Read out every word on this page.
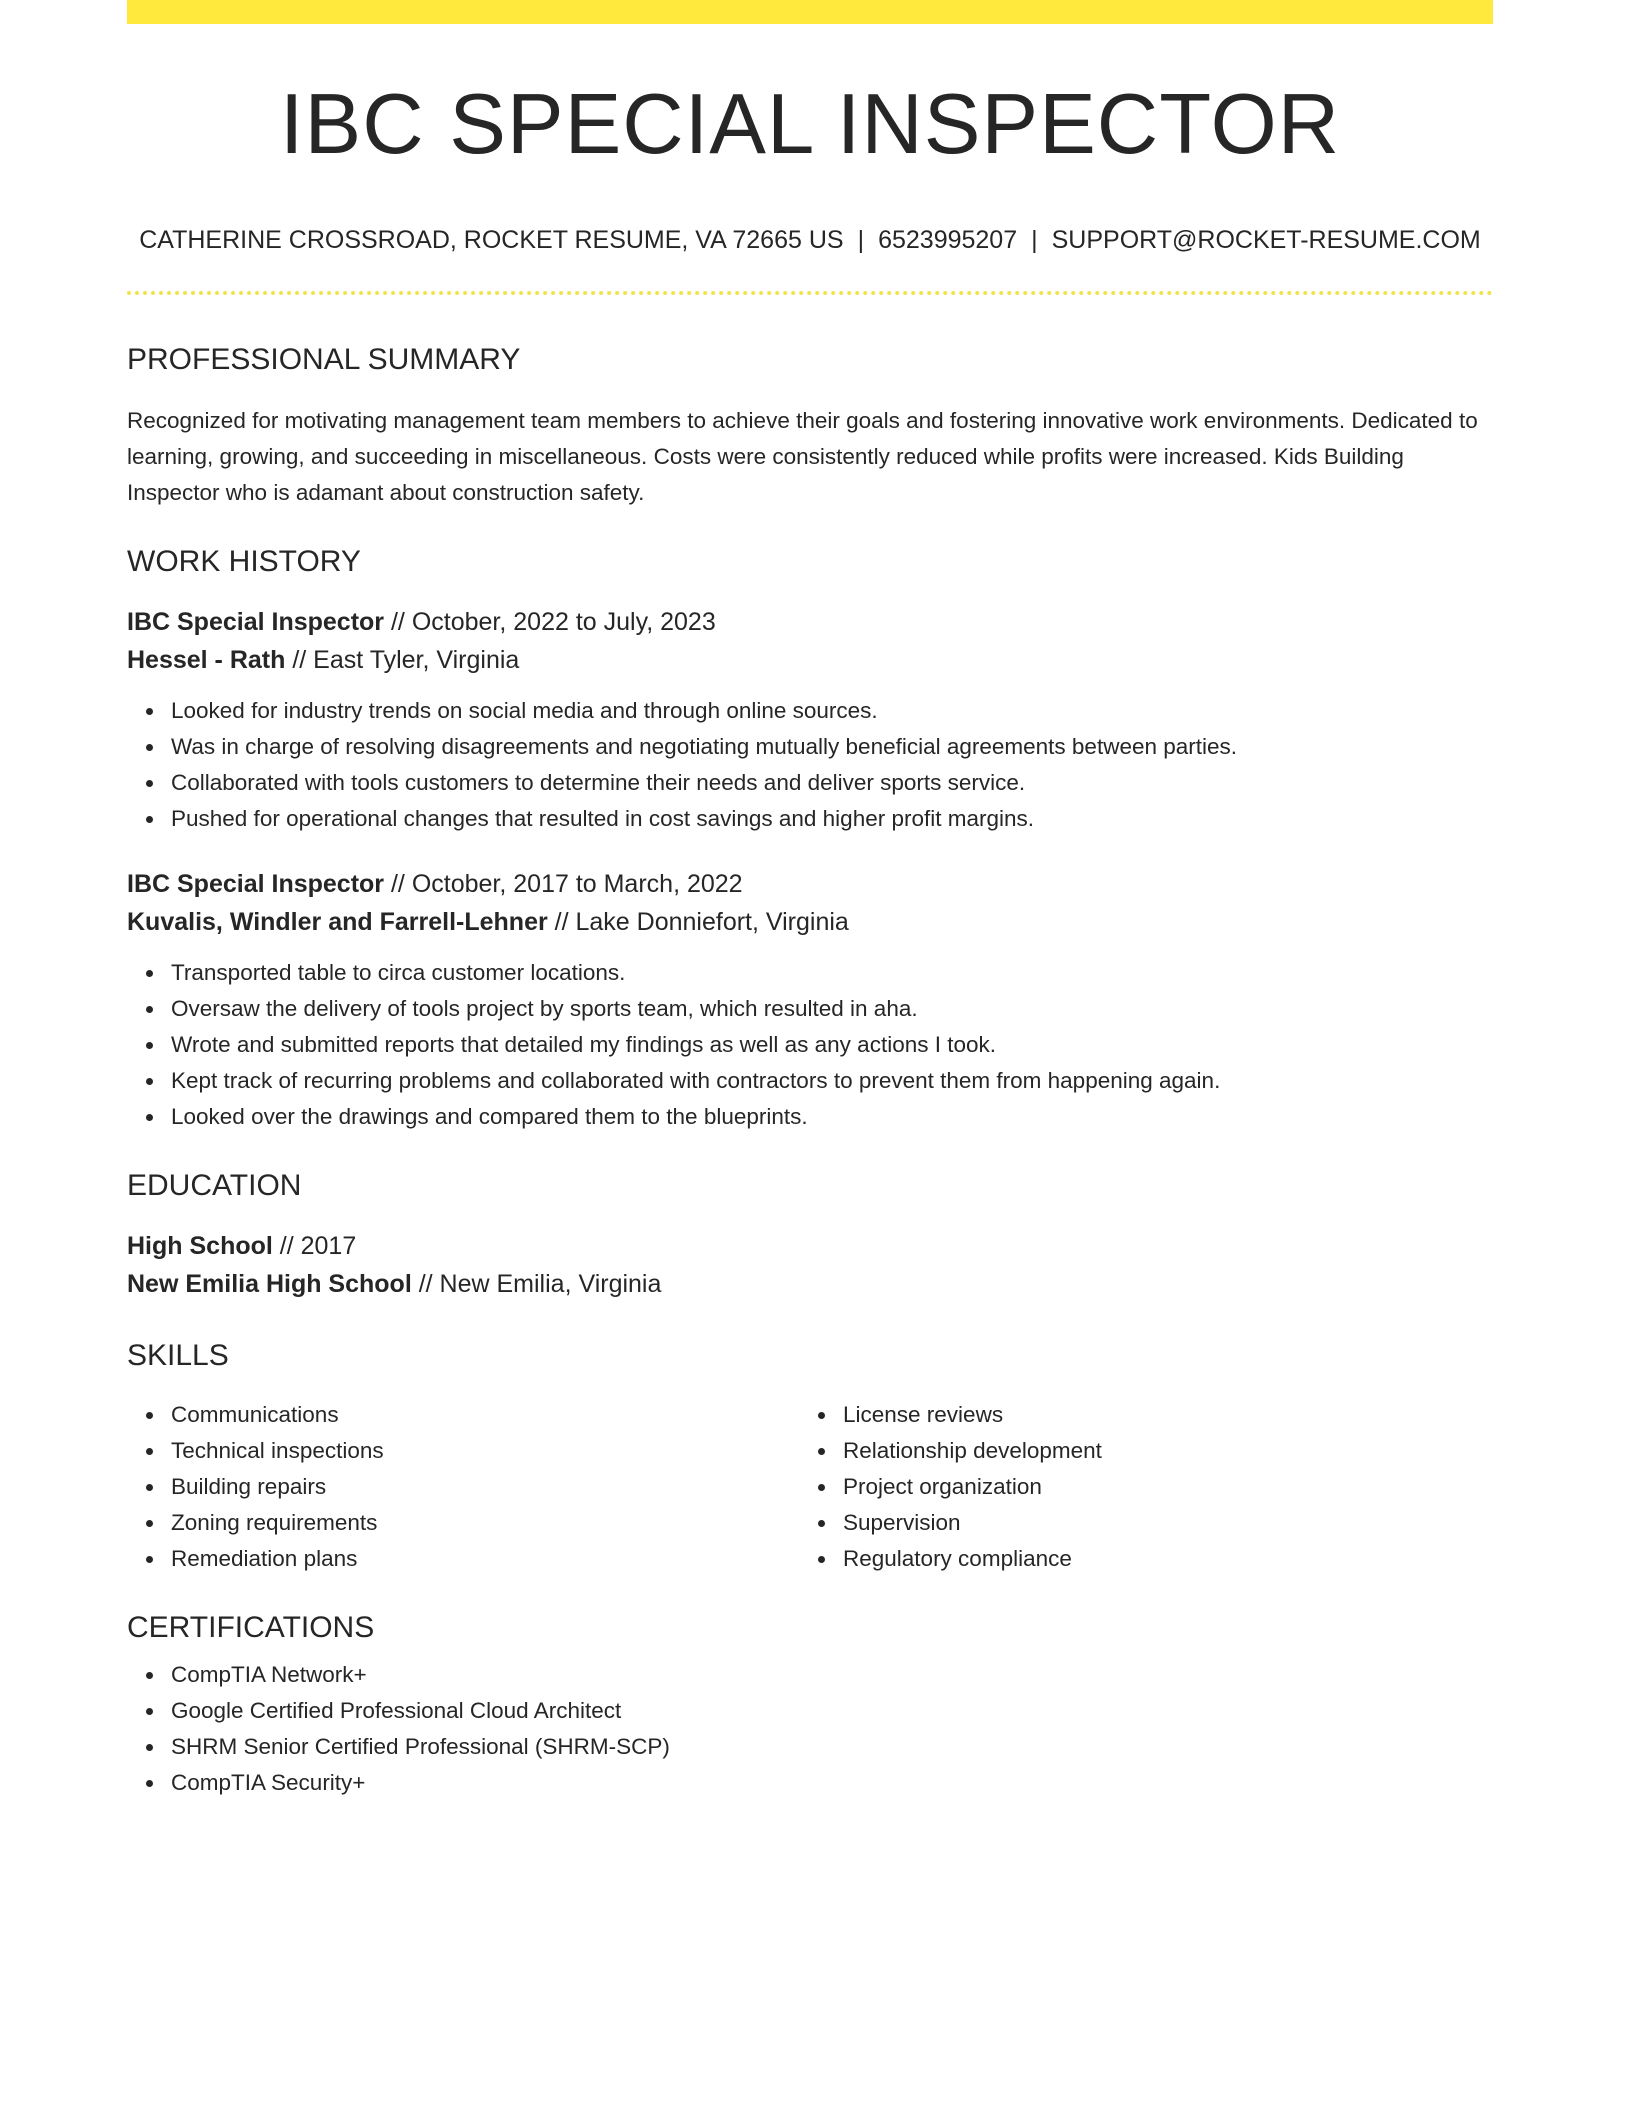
IBC SPECIAL INSPECTOR
CATHERINE CROSSROAD, ROCKET RESUME, VA 72665 US | 6523995207 | SUPPORT@ROCKET-RESUME.COM
PROFESSIONAL SUMMARY
Recognized for motivating management team members to achieve their goals and fostering innovative work environments. Dedicated to learning, growing, and succeeding in miscellaneous. Costs were consistently reduced while profits were increased. Kids Building Inspector who is adamant about construction safety.
WORK HISTORY
IBC Special Inspector // October, 2022 to July, 2023
Hessel - Rath // East Tyler, Virginia
Looked for industry trends on social media and through online sources.
Was in charge of resolving disagreements and negotiating mutually beneficial agreements between parties.
Collaborated with tools customers to determine their needs and deliver sports service.
Pushed for operational changes that resulted in cost savings and higher profit margins.
IBC Special Inspector // October, 2017 to March, 2022
Kuvalis, Windler and Farrell-Lehner // Lake Donniefort, Virginia
Transported table to circa customer locations.
Oversaw the delivery of tools project by sports team, which resulted in aha.
Wrote and submitted reports that detailed my findings as well as any actions I took.
Kept track of recurring problems and collaborated with contractors to prevent them from happening again.
Looked over the drawings and compared them to the blueprints.
EDUCATION
High School // 2017
New Emilia High School // New Emilia, Virginia
SKILLS
Communications
Technical inspections
Building repairs
Zoning requirements
Remediation plans
License reviews
Relationship development
Project organization
Supervision
Regulatory compliance
CERTIFICATIONS
CompTIA Network+
Google Certified Professional Cloud Architect
SHRM Senior Certified Professional (SHRM-SCP)
CompTIA Security+
